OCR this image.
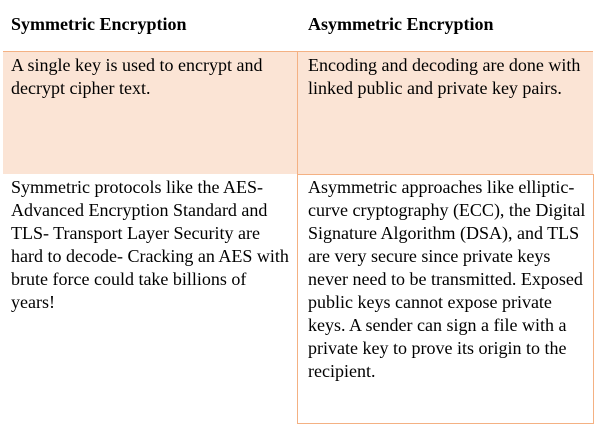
Symmetric Encryption	Asymmetric Encryption
A single key is used to encrypt and decrypt cipher text.
Encoding and decoding are done with linked public and private key pairs.
Symmetric protocols like the AES- Advanced Encryption Standard and TLS- Transport Layer Security are hard to decode- Cracking an AES with brute force could take billions of years!
Asymmetric approaches like elliptic-curve cryptography (ECC), the Digital Signature Algorithm (DSA), and TLS are very secure since private keys never need to be transmitted. Exposed public keys cannot expose private keys. A sender can sign a file with a private key to prove its origin to the recipient.
